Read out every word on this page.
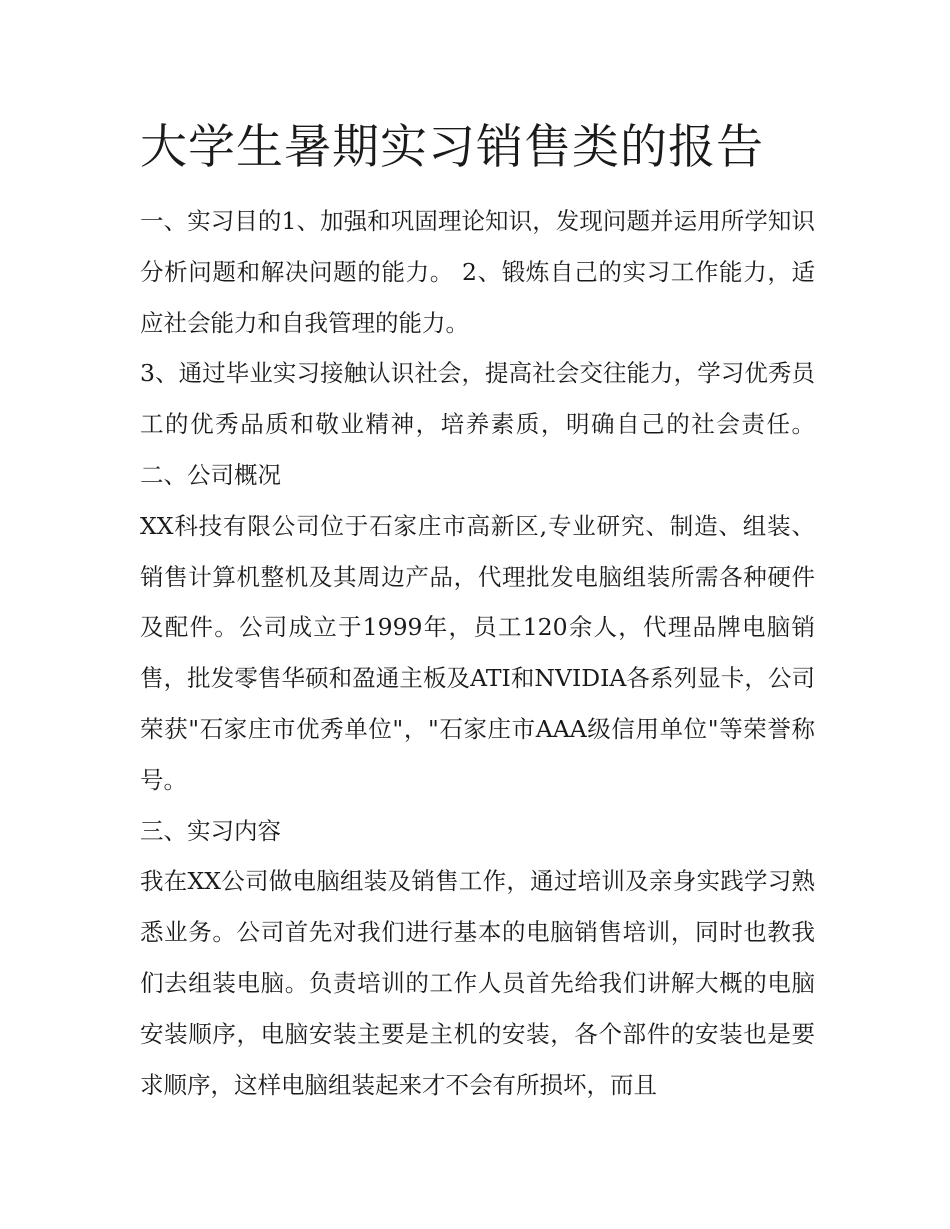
大学生暑期实习销售类的报告

一、实习目的1、加强和巩固理论知识，发现问题并运用所学知识分析问题和解决问题的能力。 2、锻炼自己的实习工作能力，适应社会能力和自我管理的能力。

3、通过毕业实习接触认识社会，提高社会交往能力，学习优秀员工的优秀品质和敬业精神，培养素质，明确自己的社会责任。 二、公司概况

XX科技有限公司位于石家庄市高新区,专业研究、制造、组装、销售计算机整机及其周边产品，代理批发电脑组装所需各种硬件及配件。公司成立于1999年，员工120余人，代理品牌电脑销售，批发零售华硕和盈通主板及ATI和NVIDIA各系列显卡，公司荣获"石家庄市优秀单位"，"石家庄市AAA级信用单位"等荣誉称号。

三、实习内容

我在XX公司做电脑组装及销售工作，通过培训及亲身实践学习熟悉业务。公司首先对我们进行基本的电脑销售培训，同时也教我们去组装电脑。负责培训的工作人员首先给我们讲解大概的电脑安装顺序，电脑安装主要是主机的安装，各个部件的安装也是要求顺序，这样电脑组装起来才不会有所损坏，而且
